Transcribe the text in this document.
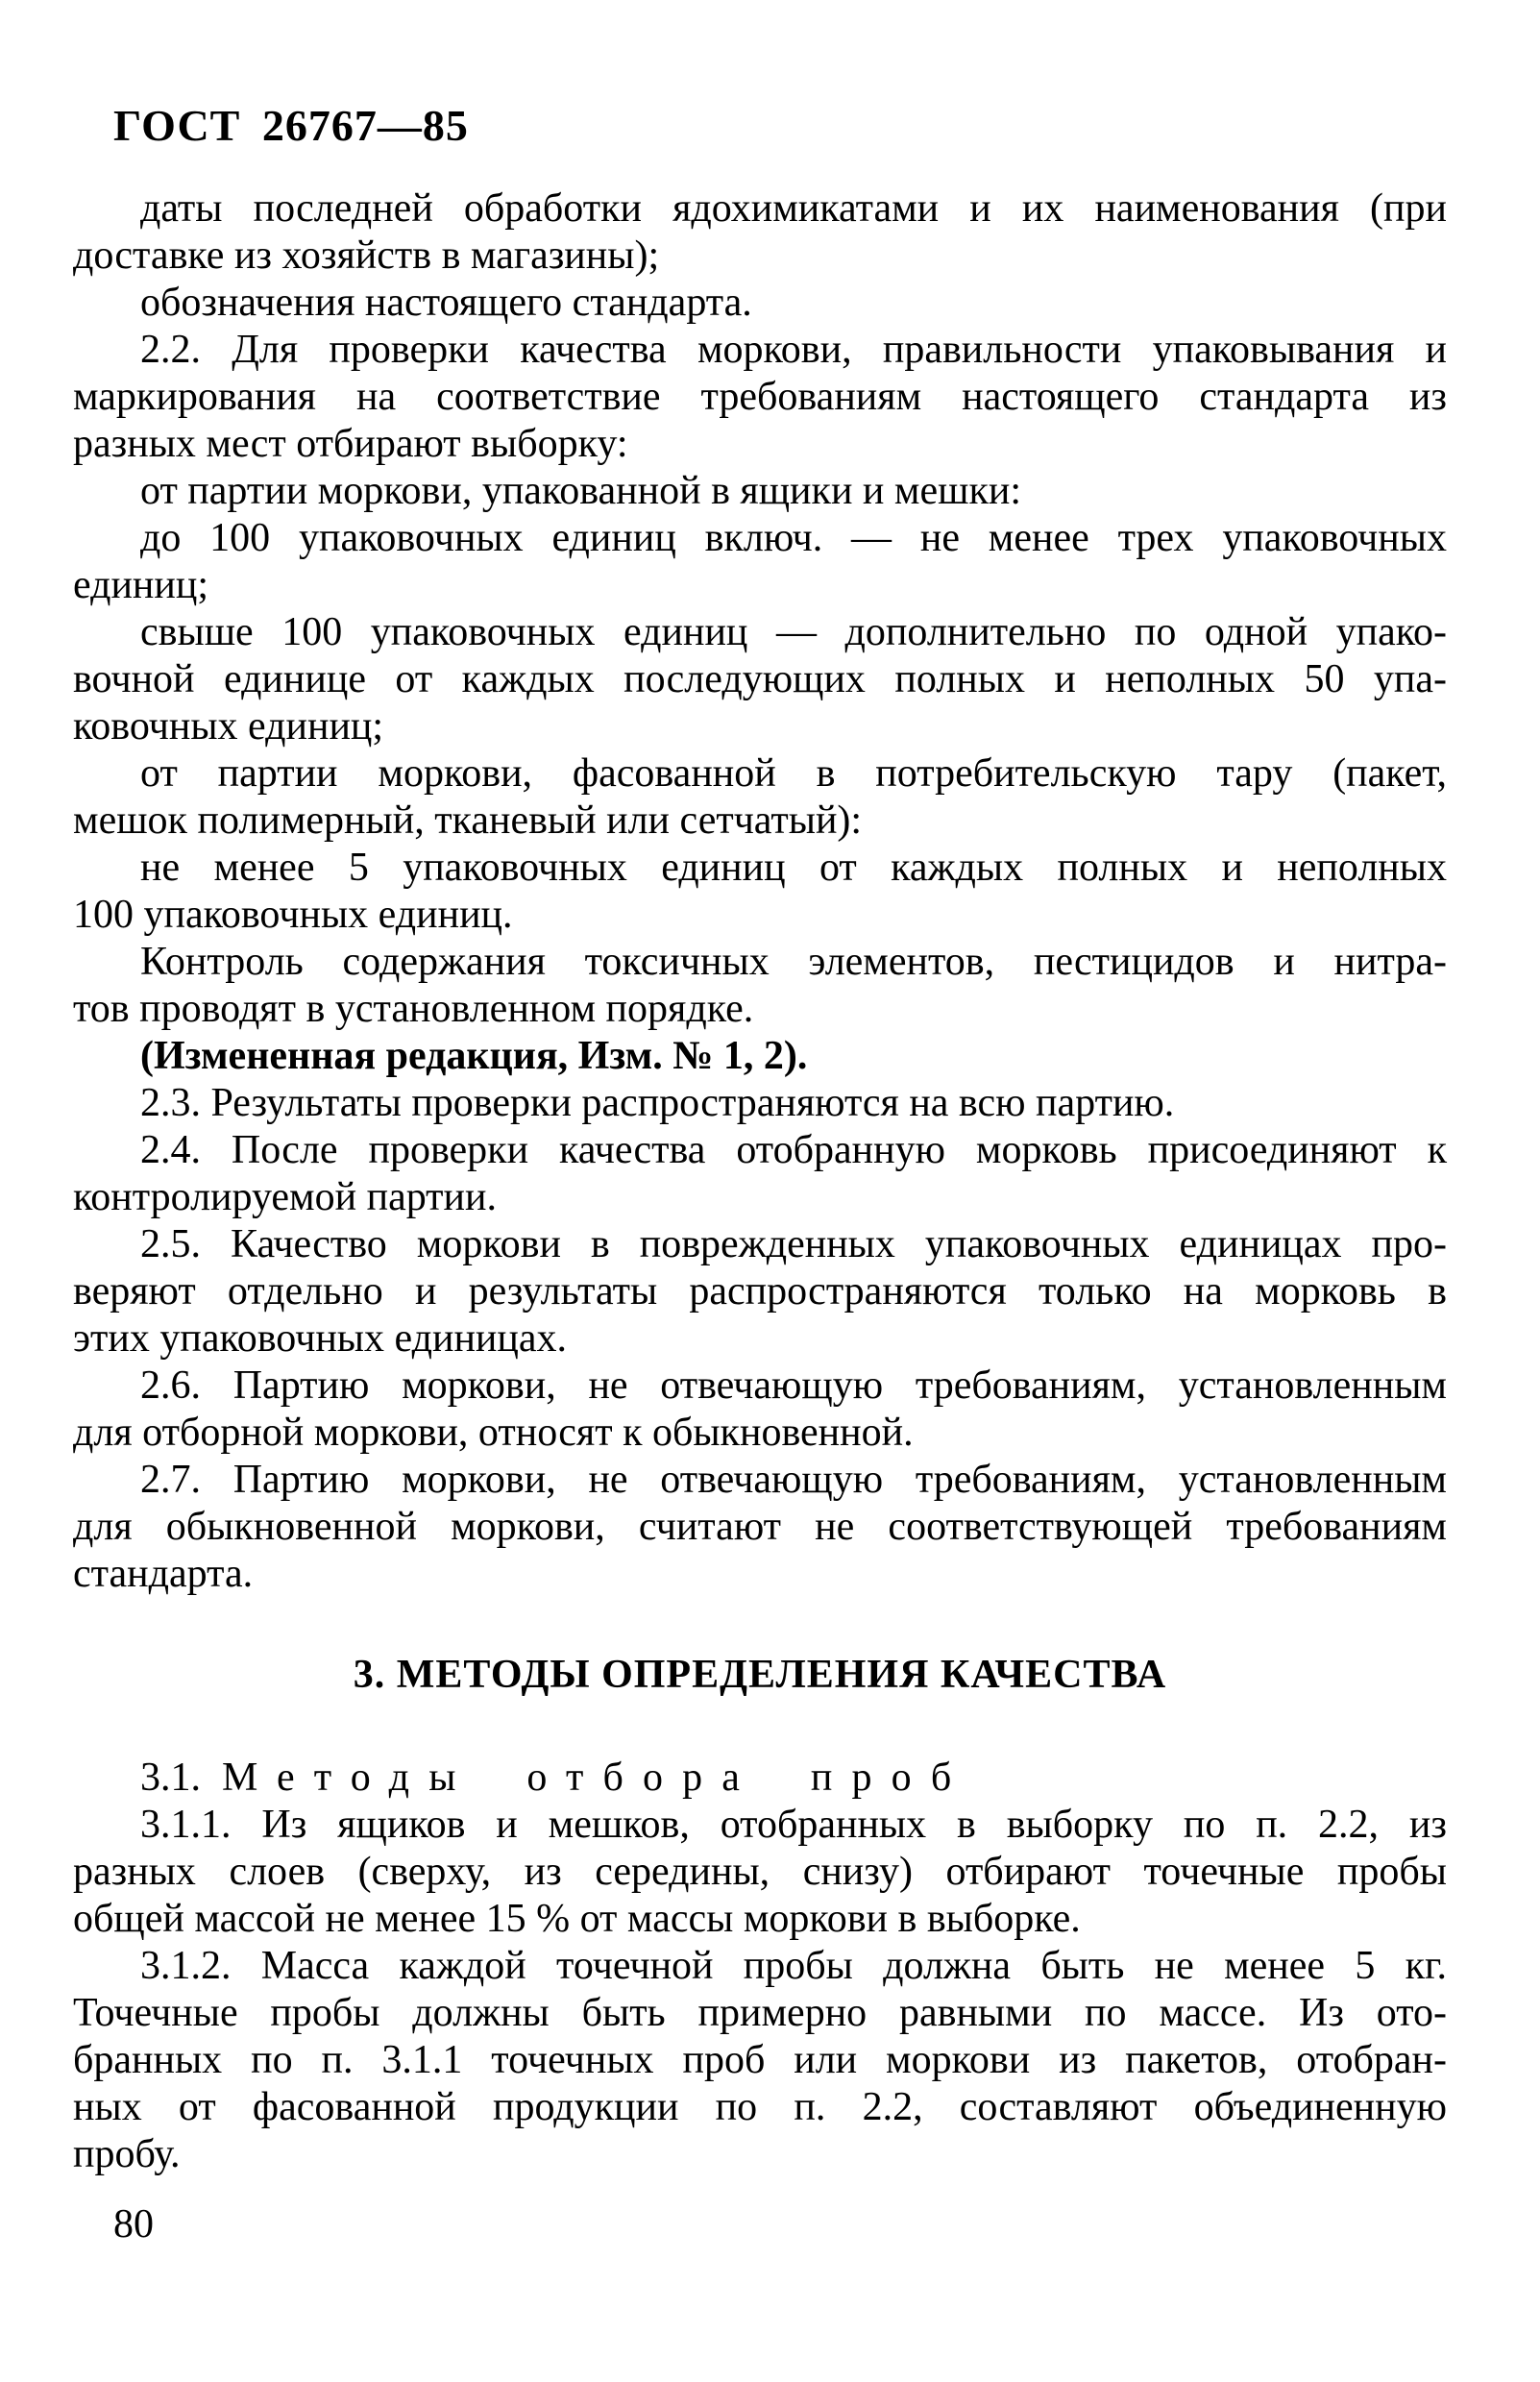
ГОСТ 26767—85
даты последней обработки ядохимикатами и их наименования (при
доставке из хозяйств в магазины);
обозначения настоящего стандарта.
2.2. Для проверки качества моркови, правильности упаковывания и
маркирования на соответствие требованиям настоящего стандарта из
разных мест отбирают выборку:
от партии моркови, упакованной в ящики и мешки:
до 100 упаковочных единиц включ. — не менее трех упаковочных
единиц;
свыше 100 упаковочных единиц — дополнительно по одной упако-
вочной единице от каждых последующих полных и неполных 50 упа-
ковочных единиц;
от партии моркови, фасованной в потребительскую тару (пакет,
мешок полимерный, тканевый или сетчатый):
не менее 5 упаковочных единиц от каждых полных и неполных
100 упаковочных единиц.
Контроль содержания токсичных элементов, пестицидов и нитра-
тов проводят в установленном порядке.
(Измененная редакция, Изм. № 1, 2).
2.3. Результаты проверки распространяются на всю партию.
2.4. После проверки качества отобранную морковь присоединяют к
контролируемой партии.
2.5. Качество моркови в поврежденных упаковочных единицах про-
веряют отдельно и результаты распространяются только на морковь в
этих упаковочных единицах.
2.6. Партию моркови, не отвечающую требованиям, установленным
для отборной моркови, относят к обыкновенной.
2.7. Партию моркови, не отвечающую требованиям, установленным
для обыкновенной моркови, считают не соответствующей требованиям
стандарта.
3. МЕТОДЫ ОПРЕДЕЛЕНИЯ КАЧЕСТВА
3.1. Методы отбора проб
3.1.1. Из ящиков и мешков, отобранных в выборку по п. 2.2, из
разных слоев (сверху, из середины, снизу) отбирают точечные пробы
общей массой не менее 15 % от массы моркови в выборке.
3.1.2. Масса каждой точечной пробы должна быть не менее 5 кг.
Точечные пробы должны быть примерно равными по массе. Из ото-
бранных по п. 3.1.1 точечных проб или моркови из пакетов, отобран-
ных от фасованной продукции по п. 2.2, составляют объединенную
пробу.
80
